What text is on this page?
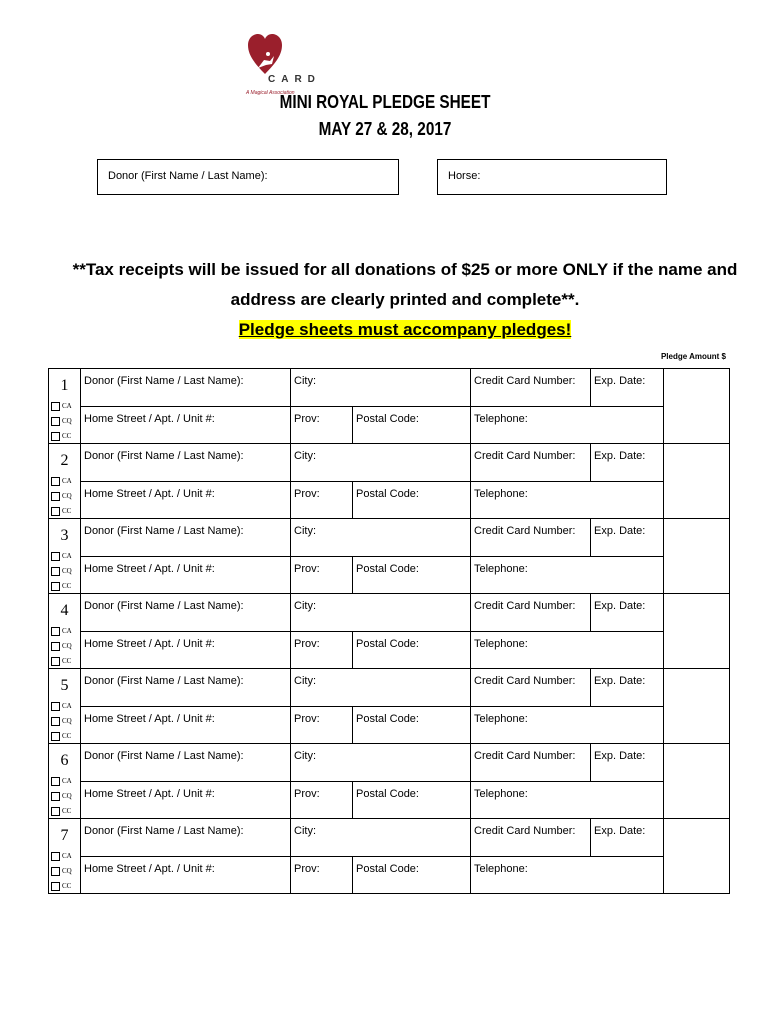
CARD
A Magical Association
MINI ROYAL PLEDGE SHEET
MAY 27 & 28, 2017
Donor (First Name / Last Name):	Horse:
**Tax receipts will be issued for all donations of $25 or more ONLY if the name and address are clearly printed and complete**.
Pledge sheets must accompany pledges!
Pledge Amount $
1
CA
CQ
CC	Donor (First Name / Last Name):	City:		Credit Card Number:	Exp. Date:	

	Home Street / Apt. / Unit #:	Prov:	Postal Code:	Telephone:		

2
CA
CQ
CC	Donor (First Name / Last Name):	City:		Credit Card Number:	Exp. Date:	

	Home Street / Apt. / Unit #:	Prov:	Postal Code:	Telephone:		

3
CA
CQ
CC	Donor (First Name / Last Name):	City:		Credit Card Number:	Exp. Date:	

	Home Street / Apt. / Unit #:	Prov:	Postal Code:	Telephone:		

4
CA
CQ
CC	Donor (First Name / Last Name):	City:		Credit Card Number:	Exp. Date:	

	Home Street / Apt. / Unit #:	Prov:	Postal Code:	Telephone:		

5
CA
CQ
CC	Donor (First Name / Last Name):	City:		Credit Card Number:	Exp. Date:	

	Home Street / Apt. / Unit #:	Prov:	Postal Code:	Telephone:		

6
CA
CQ
CC	Donor (First Name / Last Name):	City:		Credit Card Number:	Exp. Date:	

	Home Street / Apt. / Unit #:	Prov:	Postal Code:	Telephone:		

7
CA
CQ
CC	Donor (First Name / Last Name):	City:		Credit Card Number:	Exp. Date:	

	Home Street / Apt. / Unit #:	Prov:	Postal Code:	Telephone:		
